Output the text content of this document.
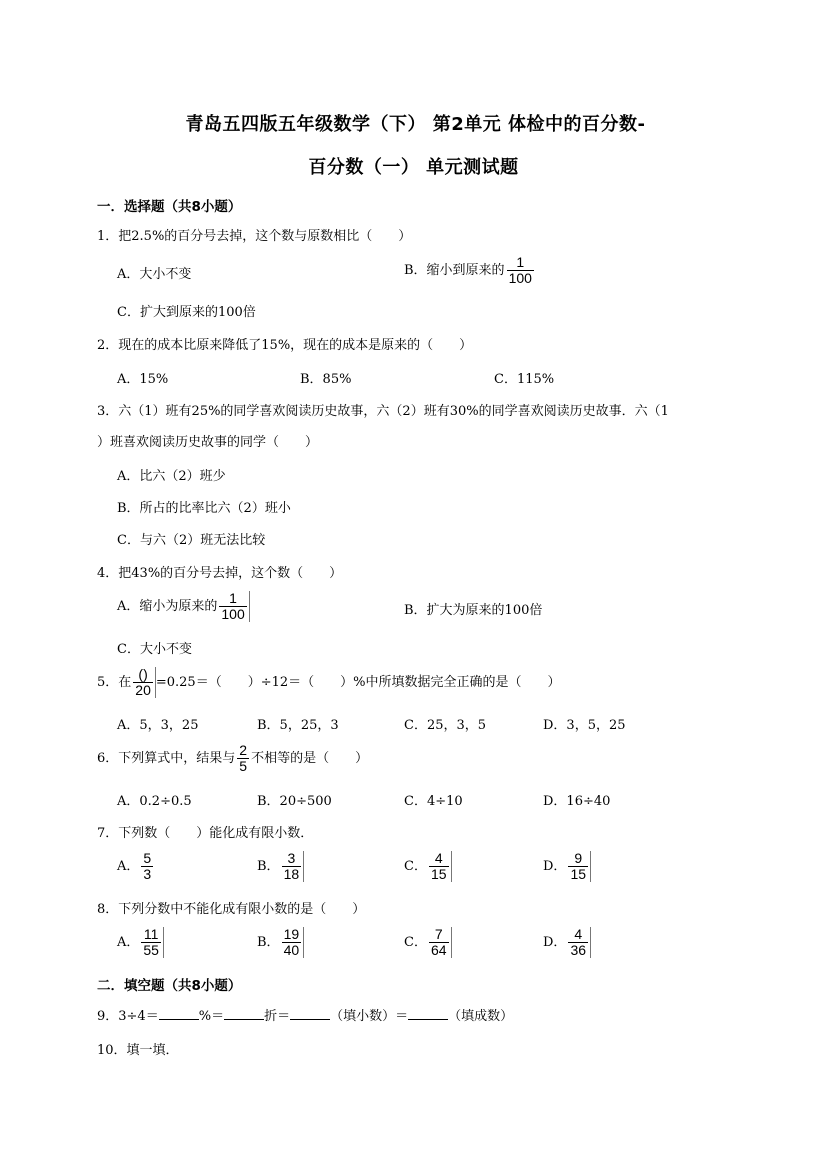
青岛五四版五年级数学（下） 第2单元 体检中的百分数-
百分数（一） 单元测试题
一．选择题（共8小题）
1．把2.5%的百分号去掉，这个数与原数相比（　　）
A．大小不变	B．缩小到原来的 $\frac{1}{100}$
C．扩大到原来的100倍
2．现在的成本比原来降低了15%，现在的成本是原来的（　　）
A．15%	B．85%	C．115%
3．六（1）班有25%的同学喜欢阅读历史故事，六（2）班有30%的同学喜欢阅读历史故事．六（1
）班喜欢阅读历史故事的同学（　　）
A．比六（2）班少
B．所占的比率比六（2）班小
C．与六（2）班无法比较
4．把43%的百分号去掉，这个数（　　）
A．缩小为原来的 $\frac{1}{100}$	B．扩大为原来的100倍
C．大小不变
5．在 $\frac{()}{20} =0.25=$（　　）÷12＝（　　）%中所填数据完全正确的是（　　）
A．5，3，25	B．5，25，3	C．25，3，5	D．3，5，25
6．下列算式中，结果与 $\frac{2}{5}$ 不相等的是（　　）
A．0.2÷0.5	B．20÷500	C．4÷10	D．16÷40
7．下列数（　　）能化成有限小数．
A． $\frac{5}{3}$	B． $\frac{3}{18}$	C． $\frac{4}{15}$	D． $\frac{9}{15}$
8．下列分数中不能化成有限小数的是（　　）
A． $\frac{11}{55}$	B． $\frac{19}{40}$	C． $\frac{7}{64}$	D． $\frac{4}{36}$
二．填空题（共8小题）
9．3÷4＝	%＝	折＝	（填小数）＝	（填成数）
10．填一填．
